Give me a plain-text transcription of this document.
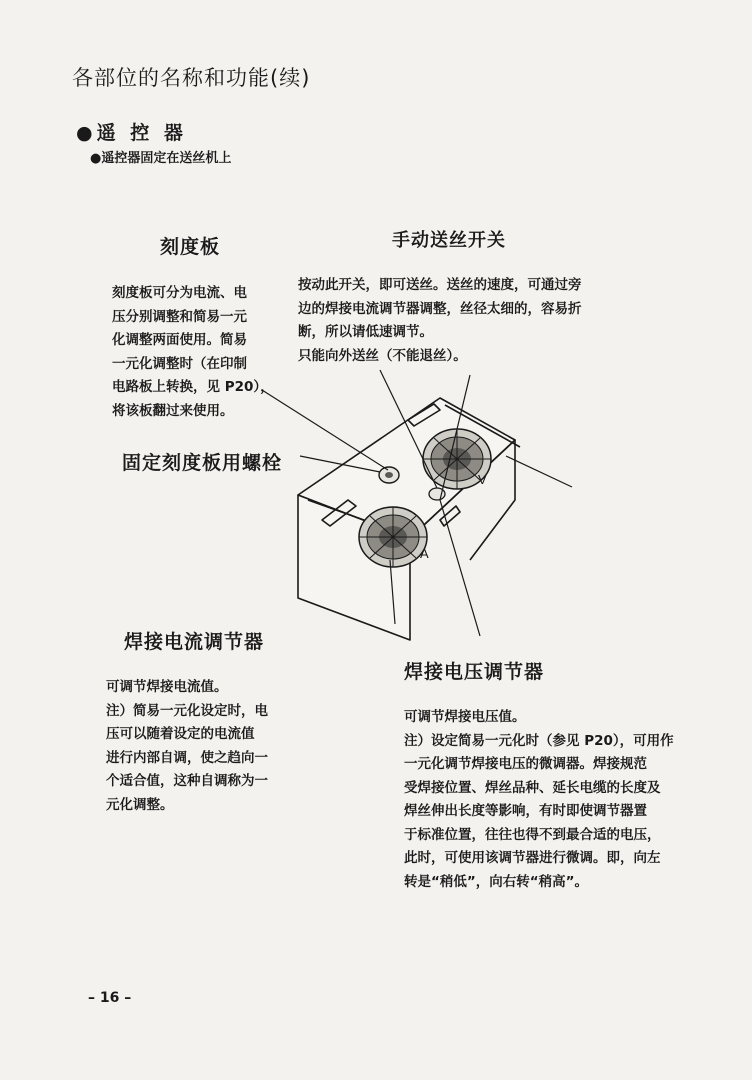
各部位的名称和功能(续)
●遥 控 器
●遥控器固定在送丝机上
刻度板	手动送丝开关
固定刻度板用螺栓
焊接电流调节器
焊接电压调节器
刻度板可分为电流、电
压分别调整和简易一元
化调整两面使用。简易
一元化调整时（在印制
电路板上转换，见 P20），
将该板翻过来使用。
按动此开关，即可送丝。送丝的速度，可通过旁
边的焊接电流调节器调整，丝径太细的，容易折
断，所以请低速调节。
只能向外送丝（不能退丝）。
可调节焊接电流值。
注）简易一元化设定时，电
压可以随着设定的电流值
进行内部自调，使之趋向一
个适合值，这种自调称为一
元化调整。
可调节焊接电压值。
注）设定简易一元化时（参见 P20），可用作
一元化调节焊接电压的微调器。焊接规范
受焊接位置、焊丝品种、延长电缆的长度及
焊丝伸出长度等影响，有时即使调节器置
于标准位置，往往也得不到最合适的电压，
此时，可使用该调节器进行微调。即，向左
转是“稍低”，向右转“稍高”。
A
V
– 16 –
